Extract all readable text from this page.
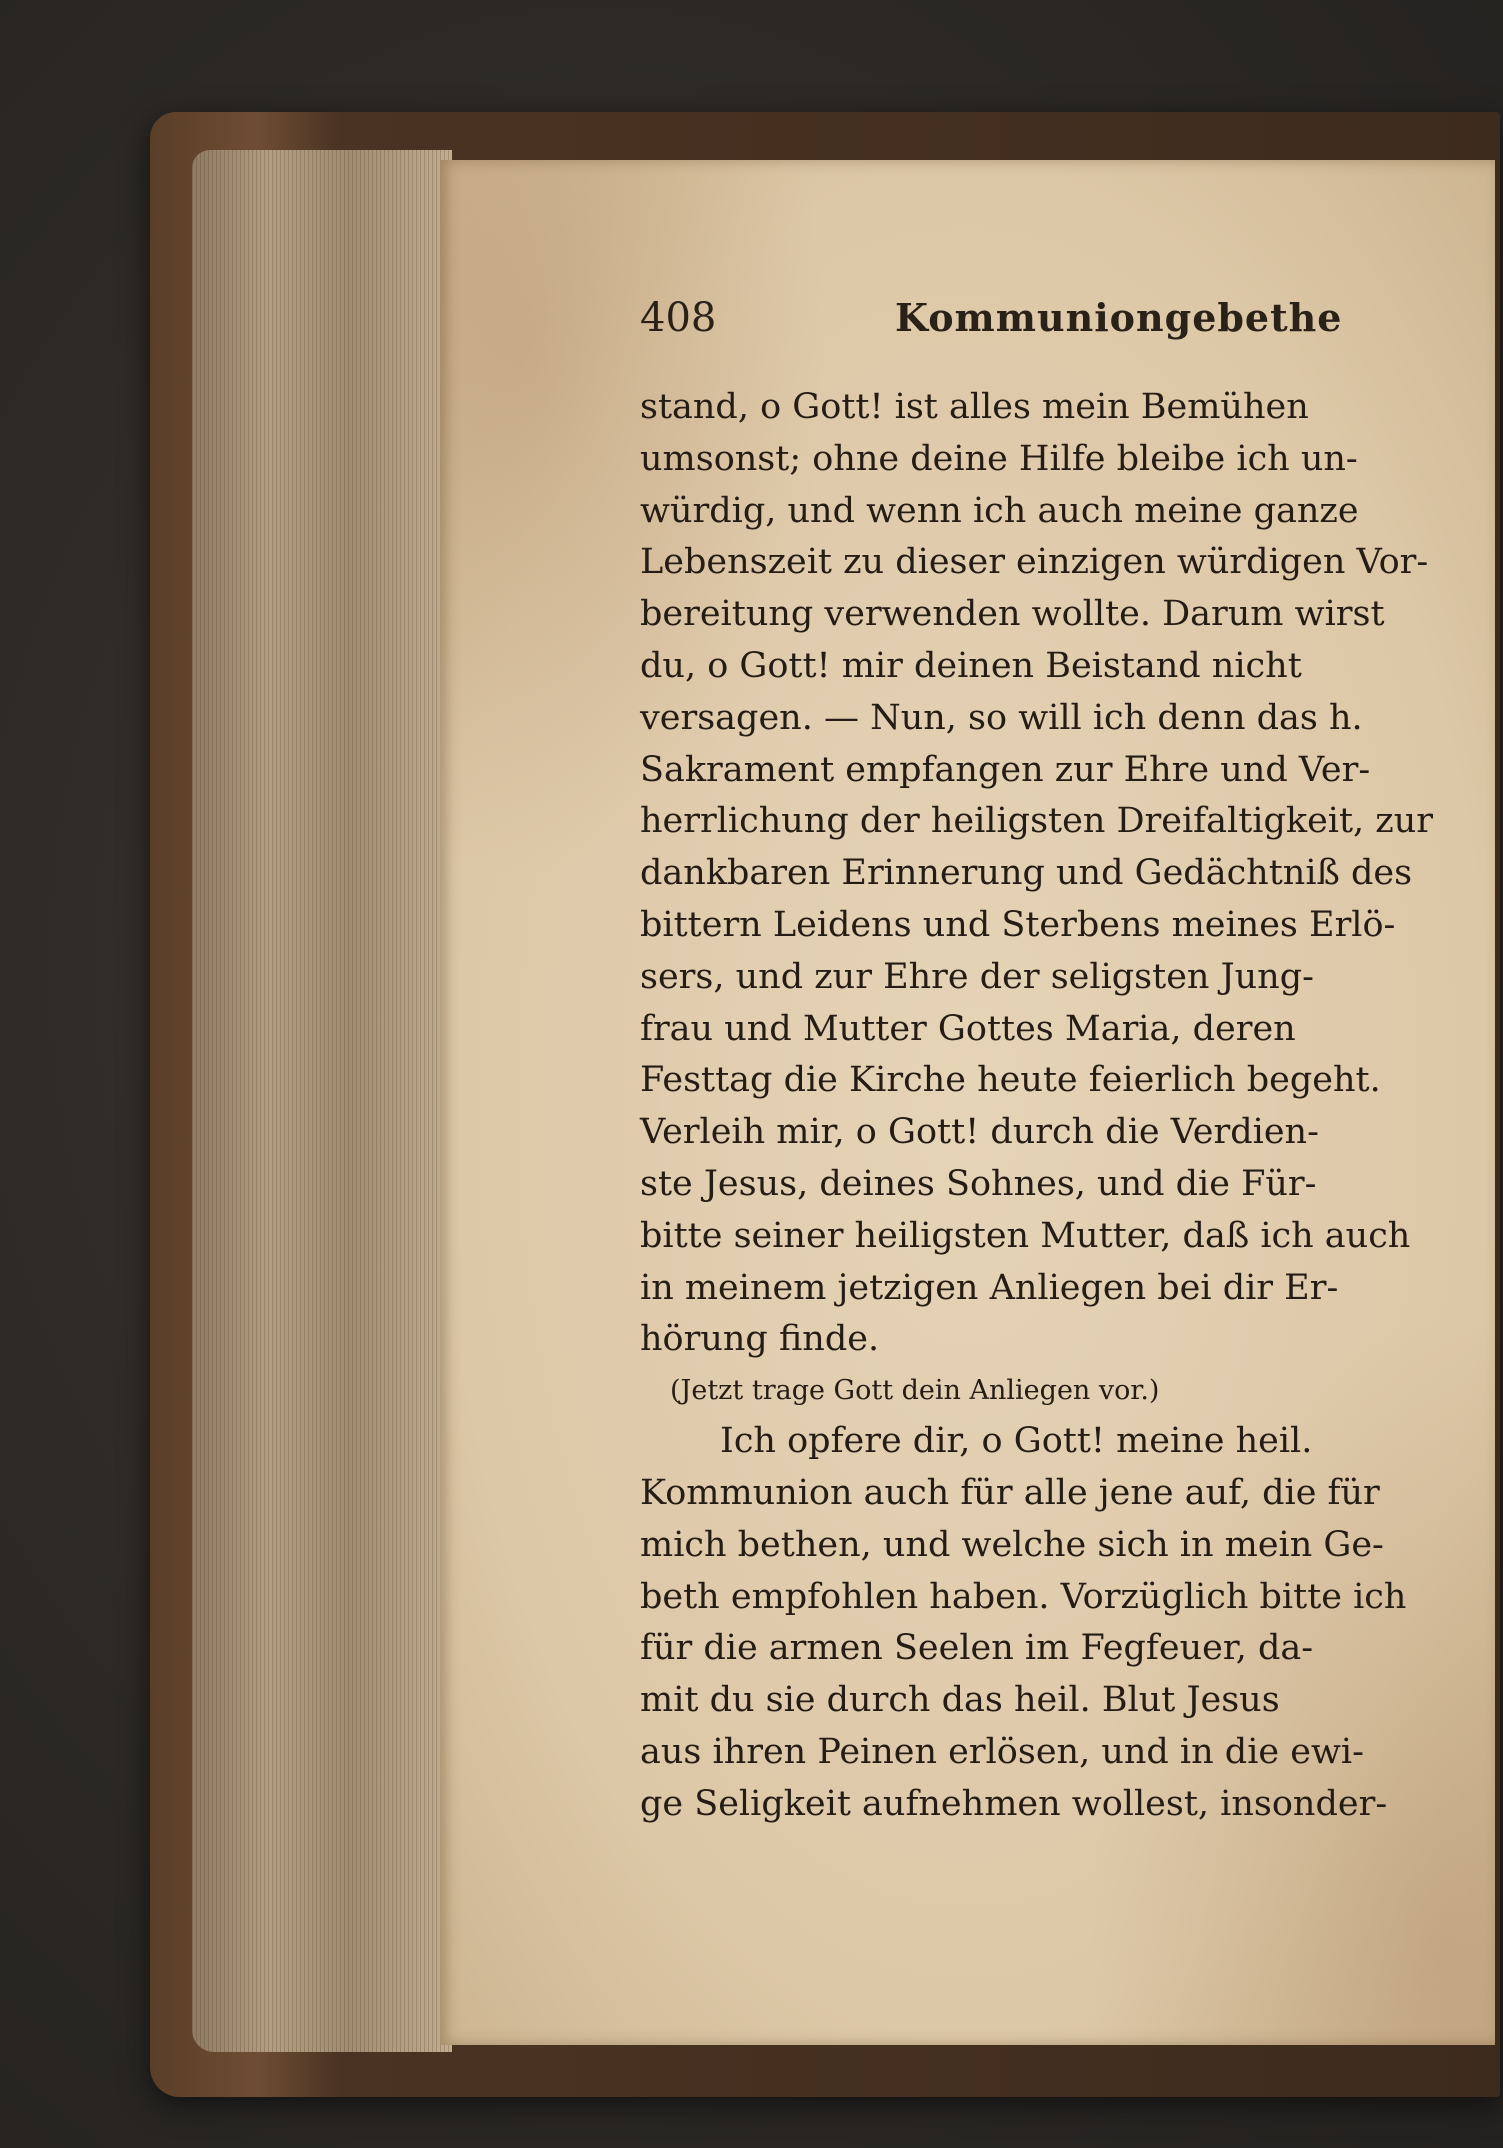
408	Kommuniongebethe
stand, o Gott! ist alles mein Bemühen
umsonst; ohne deine Hilfe bleibe ich un-
würdig, und wenn ich auch meine ganze
Lebenszeit zu dieser einzigen würdigen Vor-
bereitung verwenden wollte. Darum wirst
du, o Gott! mir deinen Beistand nicht
versagen. — Nun, so will ich denn das h.
Sakrament empfangen zur Ehre und Ver-
herrlichung der heiligsten Dreifaltigkeit, zur
dankbaren Erinnerung und Gedächtniß des
bittern Leidens und Sterbens meines Erlö-
sers, und zur Ehre der seligsten Jung-
frau und Mutter Gottes Maria, deren
Festtag die Kirche heute feierlich begeht.
Verleih mir, o Gott! durch die Verdien-
ste Jesus, deines Sohnes, und die Für-
bitte seiner heiligsten Mutter, daß ich auch
in meinem jetzigen Anliegen bei dir Er-
hörung finde.
(Jetzt trage Gott dein Anliegen vor.)
Ich opfere dir, o Gott! meine heil.
Kommunion auch für alle jene auf, die für
mich bethen, und welche sich in mein Ge-
beth empfohlen haben. Vorzüglich bitte ich
für die armen Seelen im Fegfeuer, da-
mit du sie durch das heil. Blut Jesus
aus ihren Peinen erlösen, und in die ewi-
ge Seligkeit aufnehmen wollest, insonder-
